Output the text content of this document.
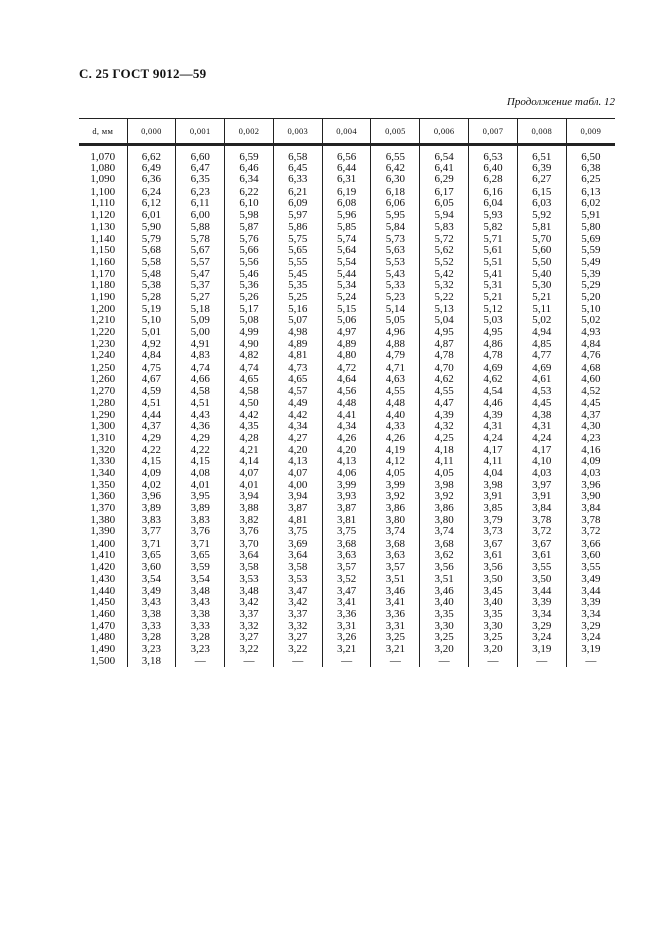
С. 25 ГОСТ 9012—59
Продолжение табл. 12
d, мм	0,000	0,001	0,002	0,003	0,004	0,005	0,006	0,007	0,008	0,009

1,070	6,62	6,60	6,59	6,58	6,56	6,55	6,54	6,53	6,51	6,50
1,080	6,49	6,47	6,46	6,45	6,44	6,42	6,41	6,40	6,39	6,38
1,090	6,36	6,35	6,34	6,33	6,31	6,30	6,29	6,28	6,27	6,25
1,100	6,24	6,23	6,22	6,21	6,19	6,18	6,17	6,16	6,15	6,13
1,110	6,12	6,11	6,10	6,09	6,08	6,06	6,05	6,04	6,03	6,02
1,120	6,01	6,00	5,98	5,97	5,96	5,95	5,94	5,93	5,92	5,91
1,130	5,90	5,88	5,87	5,86	5,85	5,84	5,83	5,82	5,81	5,80
1,140	5,79	5,78	5,76	5,75	5,74	5,73	5,72	5,71	5,70	5,69
1,150	5,68	5,67	5,66	5,65	5,64	5,63	5,62	5,61	5,60	5,59
1,160	5,58	5,57	5,56	5,55	5,54	5,53	5,52	5,51	5,50	5,49
1,170	5,48	5,47	5,46	5,45	5,44	5,43	5,42	5,41	5,40	5,39
1,180	5,38	5,37	5,36	5,35	5,34	5,33	5,32	5,31	5,30	5,29
1,190	5,28	5,27	5,26	5,25	5,24	5,23	5,22	5,21	5,21	5,20
1,200	5,19	5,18	5,17	5,16	5,15	5,14	5,13	5,12	5,11	5,10
1,210	5,10	5,09	5,08	5,07	5,06	5,05	5,04	5,03	5,02	5,02
1,220	5,01	5,00	4,99	4,98	4,97	4,96	4,95	4,95	4,94	4,93
1,230	4,92	4,91	4,90	4,89	4,89	4,88	4,87	4,86	4,85	4,84
1,240	4,84	4,83	4,82	4,81	4,80	4,79	4,78	4,78	4,77	4,76
1,250	4,75	4,74	4,74	4,73	4,72	4,71	4,70	4,69	4,69	4,68
1,260	4,67	4,66	4,65	4,65	4,64	4,63	4,62	4,62	4,61	4,60
1,270	4,59	4,58	4,58	4,57	4,56	4,55	4,55	4,54	4,53	4,52
1,280	4,51	4,51	4,50	4,49	4,48	4,48	4,47	4,46	4,45	4,45
1,290	4,44	4,43	4,42	4,42	4,41	4,40	4,39	4,39	4,38	4,37
1,300	4,37	4,36	4,35	4,34	4,34	4,33	4,32	4,31	4,31	4,30
1,310	4,29	4,29	4,28	4,27	4,26	4,26	4,25	4,24	4,24	4,23
1,320	4,22	4,22	4,21	4,20	4,20	4,19	4,18	4,17	4,17	4,16
1,330	4,15	4,15	4,14	4,13	4,13	4,12	4,11	4,11	4,10	4,09
1,340	4,09	4,08	4,07	4,07	4,06	4,05	4,05	4,04	4,03	4,03
1,350	4,02	4,01	4,01	4,00	3,99	3,99	3,98	3,98	3,97	3,96
1,360	3,96	3,95	3,94	3,94	3,93	3,92	3,92	3,91	3,91	3,90
1,370	3,89	3,89	3,88	3,87	3,87	3,86	3,86	3,85	3,84	3,84
1,380	3,83	3,83	3,82	4,81	3,81	3,80	3,80	3,79	3,78	3,78
1,390	3,77	3,76	3,76	3,75	3,75	3,74	3,74	3,73	3,72	3,72
1,400	3,71	3,71	3,70	3,69	3,68	3,68	3,68	3,67	3,67	3,66
1,410	3,65	3,65	3,64	3,64	3,63	3,63	3,62	3,61	3,61	3,60
1,420	3,60	3,59	3,58	3,58	3,57	3,57	3,56	3,56	3,55	3,55
1,430	3,54	3,54	3,53	3,53	3,52	3,51	3,51	3,50	3,50	3,49
1,440	3,49	3,48	3,48	3,47	3,47	3,46	3,46	3,45	3,44	3,44
1,450	3,43	3,43	3,42	3,42	3,41	3,41	3,40	3,40	3,39	3,39
1,460	3,38	3,38	3,37	3,37	3,36	3,36	3,35	3,35	3,34	3,34
1,470	3,33	3,33	3,32	3,32	3,31	3,31	3,30	3,30	3,29	3,29
1,480	3,28	3,28	3,27	3,27	3,26	3,25	3,25	3,25	3,24	3,24
1,490	3,23	3,23	3,22	3,22	3,21	3,21	3,20	3,20	3,19	3,19
1,500	3,18	—	—	—	—	—	—	—	—	—
